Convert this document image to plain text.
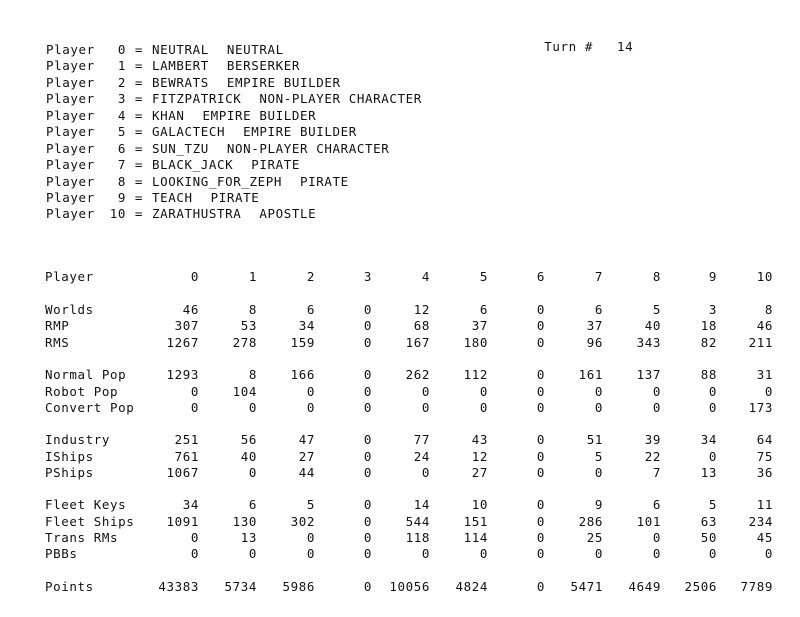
Turn # 14

Player 0 = NEUTRAL NEUTRAL
Player 1 = LAMBERT BERSERKER
Player 2 = BEWRATS EMPIRE BUILDER
Player 3 = FITZPATRICK NON-PLAYER CHARACTER
Player 4 = KHAN EMPIRE BUILDER
Player 5 = GALACTECH EMPIRE BUILDER
Player 6 = SUN_TZU NON-PLAYER CHARACTER
Player 7 = BLACK_JACK PIRATE
Player 8 = LOOKING_FOR_ZEPH PIRATE
Player 9 = TEACH PIRATE
Player 10 = ZARATHUSTRA APOSTLE
Player	0	1	2	3	4	5	6	7	8	9	10
Worlds	46	8	6	0	12	6	0	6	5	3	8
RMP	307	53	34	0	68	37	0	37	40	18	46
RMS	1267	278	159	0	167	180	0	96	343	82	211
Normal Pop	1293	8	166	0	262	112	0	161	137	88	31
Robot Pop	0	104	0	0	0	0	0	0	0	0	0
Convert Pop	0	0	0	0	0	0	0	0	0	0	173
Industry	251	56	47	0	77	43	0	51	39	34	64
IShips	761	40	27	0	24	12	0	5	22	0	75
PShips	1067	0	44	0	0	27	0	0	7	13	36
Fleet Keys	34	6	5	0	14	10	0	9	6	5	11
Fleet Ships	1091	130	302	0	544	151	0	286	101	63	234
Trans RMs	0	13	0	0	118	114	0	25	0	50	45
PBBs	0	0	0	0	0	0	0	0	0	0	0
Points	43383	5734	5986	0	10056	4824	0	5471	4649	2506	7789
